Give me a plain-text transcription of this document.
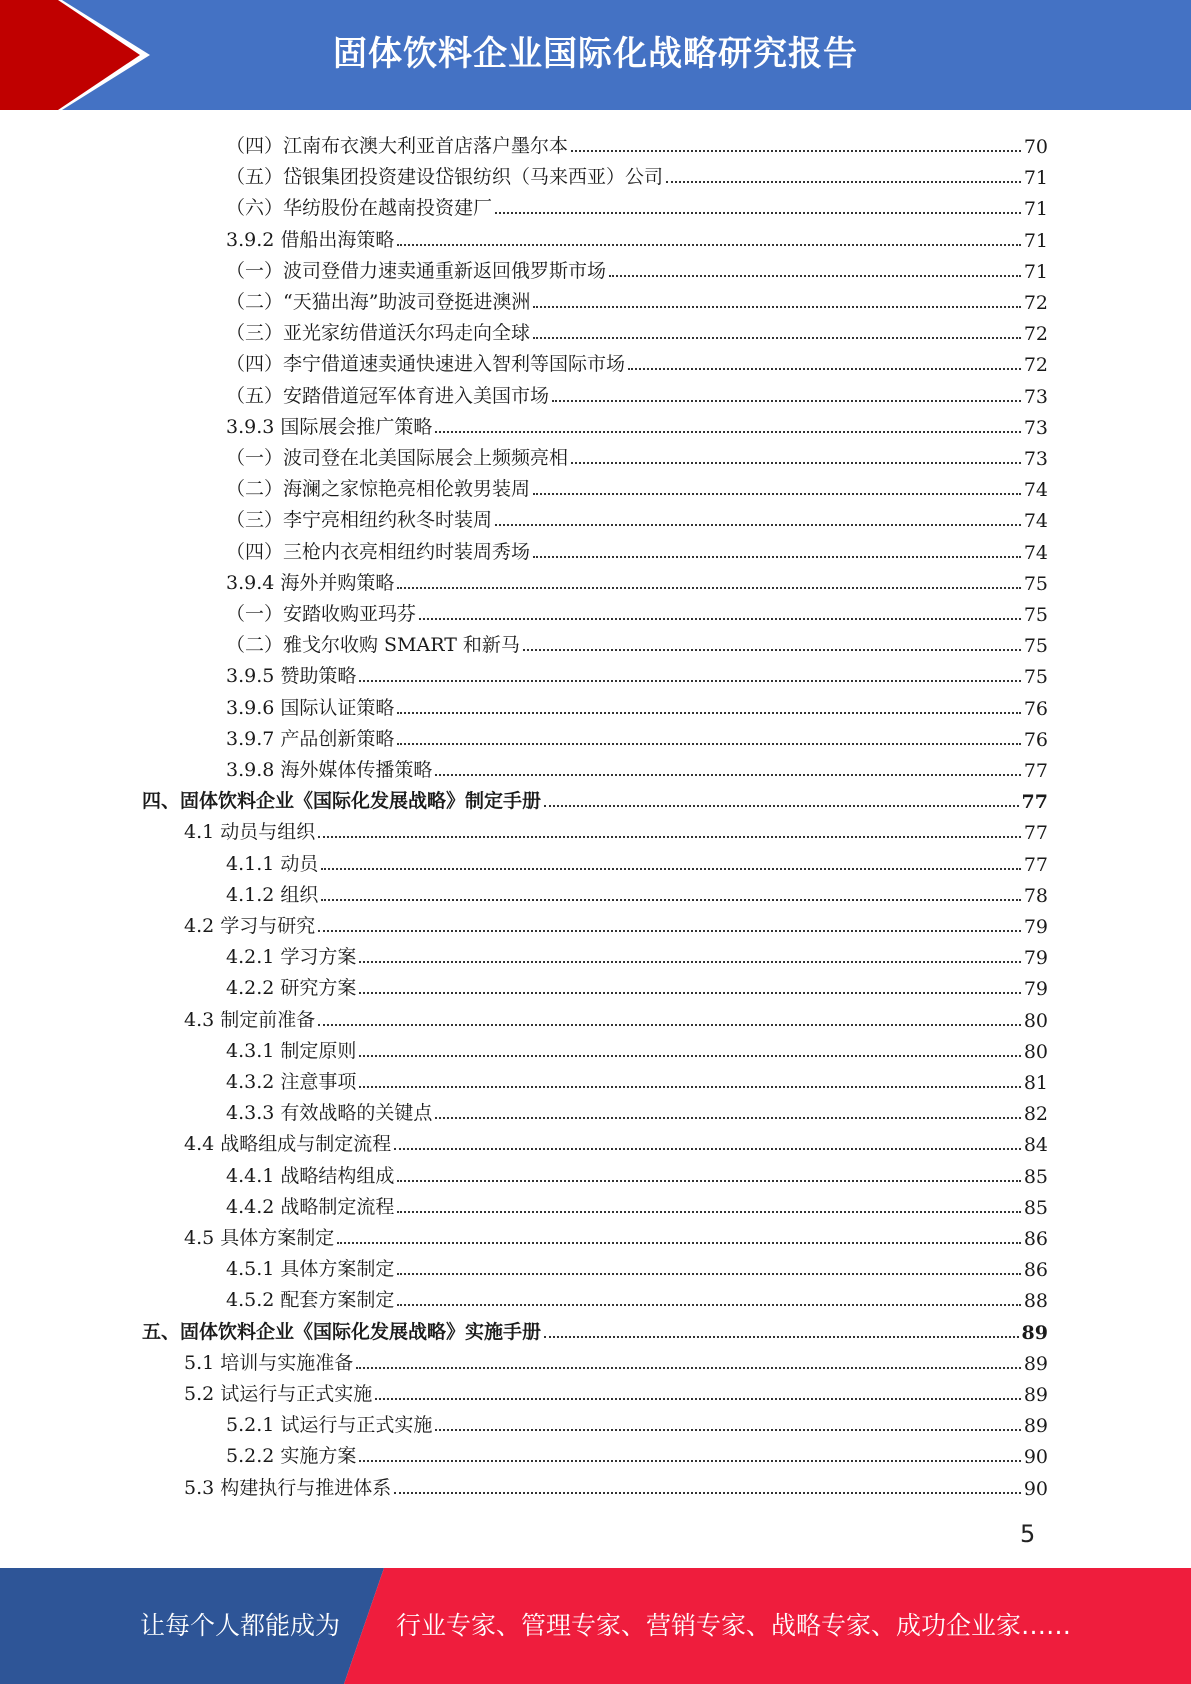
固体饮料企业国际化战略研究报告
（四）江南布衣澳大利亚首店落户墨尔本	70
（五）岱银集团投资建设岱银纺织（马来西亚）公司	71
（六）华纺股份在越南投资建厂	71
3.9.2 借船出海策略	71
（一）波司登借力速卖通重新返回俄罗斯市场	71
（二）“天猫出海”助波司登挺进澳洲	72
（三）亚光家纺借道沃尔玛走向全球	72
（四）李宁借道速卖通快速进入智利等国际市场	72
（五）安踏借道冠军体育进入美国市场	73
3.9.3 国际展会推广策略	73
（一）波司登在北美国际展会上频频亮相	73
（二）海澜之家惊艳亮相伦敦男装周	74
（三）李宁亮相纽约秋冬时装周	74
（四）三枪内衣亮相纽约时装周秀场	74
3.9.4 海外并购策略	75
（一）安踏收购亚玛芬	75
（二）雅戈尔收购 SMART 和新马	75
3.9.5 赞助策略	75
3.9.6 国际认证策略	76
3.9.7 产品创新策略	76
3.9.8 海外媒体传播策略	77
四、固体饮料企业《国际化发展战略》制定手册	77
4.1 动员与组织	77
4.1.1 动员	77
4.1.2 组织	78
4.2 学习与研究	79
4.2.1 学习方案	79
4.2.2 研究方案	79
4.3 制定前准备	80
4.3.1 制定原则	80
4.3.2 注意事项	81
4.3.3 有效战略的关键点	82
4.4 战略组成与制定流程	84
4.4.1 战略结构组成	85
4.4.2 战略制定流程	85
4.5 具体方案制定	86
4.5.1 具体方案制定	86
4.5.2 配套方案制定	88
五、固体饮料企业《国际化发展战略》实施手册	89
5.1 培训与实施准备	89
5.2 试运行与正式实施	89
5.2.1 试运行与正式实施	89
5.2.2 实施方案	90
5.3 构建执行与推进体系	90
5
让每个人都能成为 行业专家、管理专家、营销专家、战略专家、成功企业家……
